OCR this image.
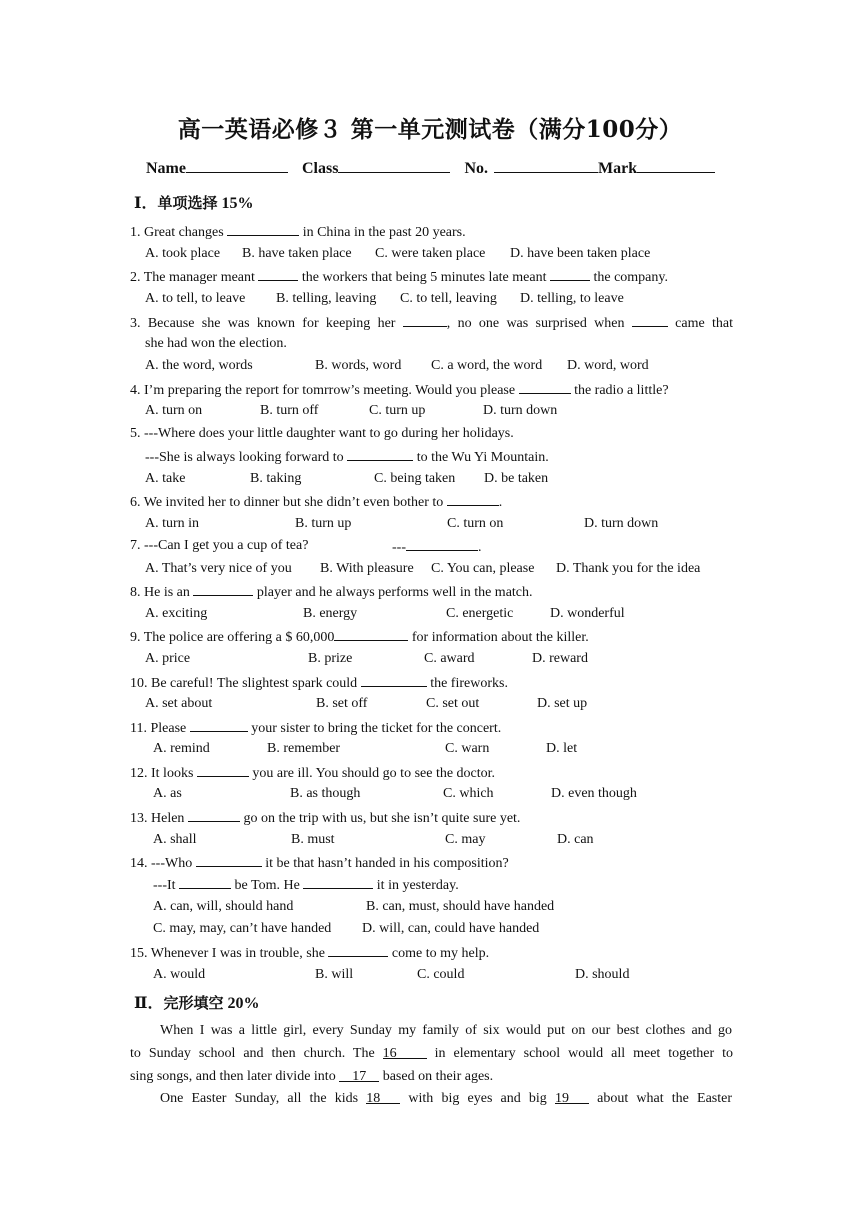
高一英语必修３ 第一单元测试卷（满分100分）
Name	Class	No.	Mark
Ⅰ．单项选择 15%
1. Great changes	in China in the past 20 years.
A. took place B. have taken place C. were taken place D. have been taken place
2. The manager meant	the workers that being 5 minutes late meant	the company.
A. to tell, to leave B. telling, leaving C. to tell, leaving D. telling, to leave
3. Because she was known for keeping her	, no one was surprised when	came that
she had won the election.
A. the word, words	B. words, word C. a word, the word D. word, word
4. I’m preparing the report for tomrrow’s meeting. Would you please	the radio a little?
A. turn on	B. turn off	C. turn up	D. turn down
5. ---Where does your little daughter want to go during her holidays.
---She is always looking forward to	to the Wu Yi Mountain.
A. take	B. taking	C. being taken D. be taken
6. We invited her to dinner but she didn’t even bother to	.
A. turn in	B. turn up	C. turn on	D. turn down
7. ---Can I get you a cup of tea?	---	.
A. That’s very nice of you B. With pleasure C. You can, please D. Thank you for the idea
8. He is an	player and he always performs well in the match.
A. exciting	B. energy	C. energetic	D. wonderful
9. The police are offering a $ 60,000	for information about the killer.
A. price	B. prize	C. award	D. reward
10. Be careful! The slightest spark could	the fireworks.
A. set about	B. set off	C. set out	D. set up
11. Please	your sister to bring the ticket for the concert.
A. remind	B. remember	C. warn	D. let
12. It looks	you are ill. You should go to see the doctor.
A. as	B. as though	C. which	D. even though
13. Helen	go on the trip with us, but she isn’t quite sure yet.
A. shall	B. must	C. may	D. can
14. ---Who	it be that hasn’t handed in his composition?
---It	be Tom. He	it in yesterday.
A. can, will, should hand	B. can, must, should have handed
C. may, may, can’t have handed D. will, can, could have handed
15. Whenever I was in trouble, she	come to my help.
A. would	B. will	C. could	D. should
Ⅱ．完形填空 20%
When I was a little girl, every Sunday my family of six would put on our best clothes and go
to Sunday school and then church. The 16 in elementary school would all meet together to
sing songs, and then later divide into 17 based on their ages.
One Easter Sunday, all the kids 18 with big eyes and big 19 about what the Easter
